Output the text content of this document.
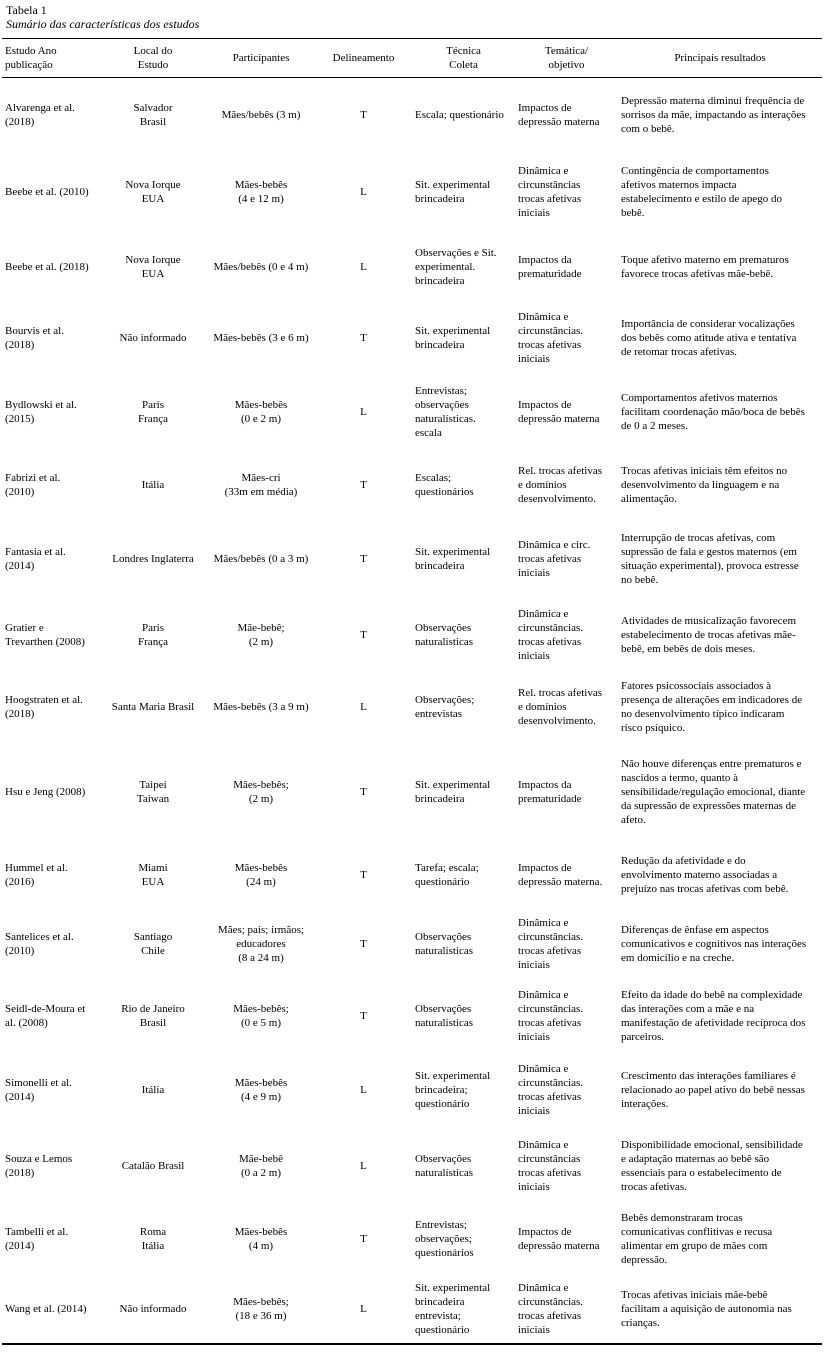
Tabela 1
Sumário das características dos estudos
Estudo Ano
publicação	Local do
Estudo	Participantes	Delineamento	Técnica
Coleta	Temática/
objetivo	Principais resultados

Alvarenga et al.
(2018)	Salvador
Brasil	Mães/bebês (3 m)	T	Escala; questionário	Impactos de
depressão materna	Depressão materna diminui frequência de
sorrisos da mãe, impactando as interações
com o bebê.

Beebe et al. (2010)	Nova Iorque
EUA	Mães-bebês
(4 e 12 m)	L	Sit. experimental
brincadeira	Dinâmica e
circunstâncias
trocas afetivas
iniciais	Contingência de comportamentos
afetivos maternos impacta
estabelecimento e estilo de apego do
bebê.

Beebe et al. (2018)	Nova Iorque
EUA	Mães/bebês (0 e 4 m)	L	Observações e Sit.
experimental.
brincadeira	Impactos da
prematuridade	Toque afetivo materno em prematuros
favorece trocas afetivas mãe-bebê.

Bourvis et al.
(2018)	Não informado	Mães-bebês (3 e 6 m)	T	Sit. experimental
brincadeira	Dinâmica e
circunstâncias.
trocas afetivas
iniciais	Importância de considerar vocalizações
dos bebês como atitude ativa e tentativa
de retomar trocas afetivas.

Bydlowski et al.
(2015)	Paris
França	Mães-bebês
(0 e 2 m)	L	Entrevistas;
observações
naturalísticas.
escala	Impactos de
depressão materna	Comportamentos afetivos maternos
facilitam coordenação mão/boca de bebês
de 0 a 2 meses.

Fabrizi et al.
(2010)	Itália	Mães-cri
(33m em média)	T	Escalas;
questionários	Rel. trocas afetivas
e domínios
desenvolvimento.	Trocas afetivas iniciais têm efeitos no
desenvolvimento da linguagem e na
alimentação.

Fantasia et al.
(2014)	Londres Inglaterra	Mães/bebês (0 a 3 m)	T	Sit. experimental
brincadeira	Dinâmica e circ.
trocas afetivas
iniciais	Interrupção de trocas afetivas, com
supressão de fala e gestos maternos (em
situação experimental), provoca estresse
no bebê.

Gratier e
Trevarthen (2008)	Paris
França	Mãe-bebê;
(2 m)	T	Observações
naturalísticas	Dinâmica e
circunstâncias.
trocas afetivas
iniciais	Atividades de musicalização favorecem
estabelecimento de trocas afetivas mãe-
bebê, em bebês de dois meses.

Hoogstraten et al.
(2018)	Santa Maria Brasil	Mães-bebês (3 a 9 m)	L	Observações;
entrevistas	Rel. trocas afetivas
e domínios
desenvolvimento.	Fatores psicossociais associados à
presença de alterações em indicadores de
no desenvolvimento típico indicaram
risco psíquico.

Hsu e Jeng (2008)	Taipei
Taiwan	Mães-bebês;
(2 m)	T	Sit. experimental
brincadeira	Impactos da
prematuridade	Não houve diferenças entre prematuros e
nascidos a termo, quanto à
sensibilidade/regulação emocional, diante
da supressão de expressões maternas de
afeto.

Hummel et al.
(2016)	Miami
EUA	Mães-bebês
(24 m)	T	Tarefa; escala;
questionário	Impactos de
depressão materna.	Redução da afetividade e do
envolvimento materno associadas a
prejuízo nas trocas afetivas com bebê.

Santelices et al.
(2010)	Santiago
Chile	Mães; pais; irmãos;
educadores
(8 a 24 m)	T	Observações
naturalísticas	Dinâmica e
circunstâncias.
trocas afetivas
iniciais	Diferenças de ênfase em aspectos
comunicativos e cognitivos nas interações
em domicílio e na creche.

Seidl-de-Moura et
al. (2008)	Rio de Janeiro
Brasil	Mães-bebês;
(0 e 5 m)	T	Observações
naturalísticas	Dinâmica e
circunstâncias.
trocas afetivas
iniciais	Efeito da idade do bebê na complexidade
das interações com a mãe e na
manifestação de afetividade recíproca dos
parceiros.

Simonelli et al.
(2014)	Itália	Mães-bebês
(4 e 9 m)	L	Sit. experimental
brincadeira;
questionário	Dinâmica e
circunstâncias.
trocas afetivas
iniciais	Crescimento das interações familiares é
relacionado ao papel ativo do bebê nessas
interações.

Souza e Lemos
(2018)	Catalão Brasil	Mãe-bebê
(0 a 2 m)	L	Observações
naturalísticas	Dinâmica e
circunstâncias
trocas afetivas
iniciais	Disponibilidade emocional, sensibilidade
e adaptação maternas ao bebê são
essenciais para o estabelecimento de
trocas afetivas.

Tambelli et al.
(2014)	Roma
Itália	Mães-bebês
(4 m)	T	Entrevistas;
observações;
questionários	Impactos de
depressão materna	Bebês demonstraram trocas
comunicativas conflitivas e recusa
alimentar em grupo de mães com
depressão.

Wang et al. (2014)	Não informado	Mães-bebês;
(18 e 36 m)	L	Sit. experimental
brincadeira
entrevista;
questionário	Dinâmica e
circunstâncias.
trocas afetivas
iniciais	Trocas afetivas iniciais mãe-bebê
facilitam a aquisição de autonomia nas
crianças.
